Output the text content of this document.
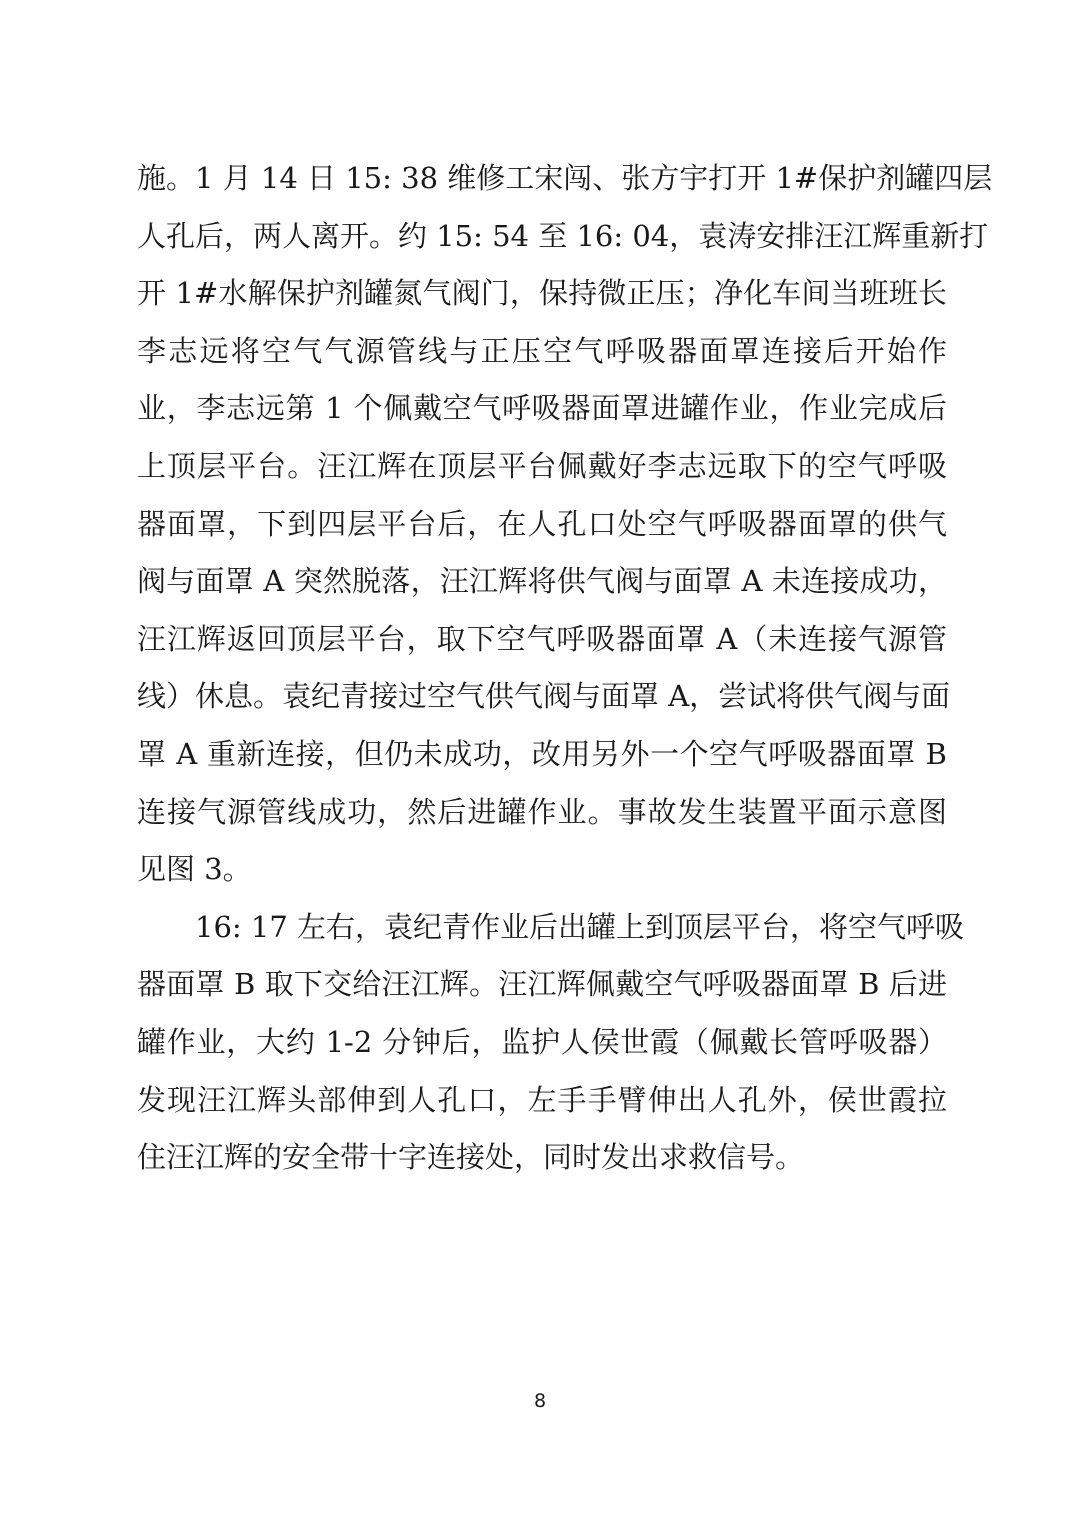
施。1 月 14 日 15: 38 维修工宋闯、张方宇打开 1#保护剂罐四层
人孔后，两人离开。约 15: 54 至 16: 04，袁涛安排汪江辉重新打
开 1#水解保护剂罐氮气阀门，保持微正压；净化车间当班班长
李志远将空气气源管线与正压空气呼吸器面罩连接后开始作
业，李志远第 1 个佩戴空气呼吸器面罩进罐作业，作业完成后
上顶层平台。汪江辉在顶层平台佩戴好李志远取下的空气呼吸
器面罩，下到四层平台后，在人孔口处空气呼吸器面罩的供气
阀与面罩 A 突然脱落，汪江辉将供气阀与面罩 A 未连接成功，
汪江辉返回顶层平台，取下空气呼吸器面罩 A（未连接气源管
线）休息。袁纪青接过空气供气阀与面罩 A，尝试将供气阀与面
罩 A 重新连接，但仍未成功，改用另外一个空气呼吸器面罩 B
连接气源管线成功，然后进罐作业。事故发生装置平面示意图
见图 3。
16: 17 左右，袁纪青作业后出罐上到顶层平台，将空气呼吸
器面罩 B 取下交给汪江辉。汪江辉佩戴空气呼吸器面罩 B 后进
罐作业，大约 1-2 分钟后，监护人侯世霞（佩戴长管呼吸器）
发现汪江辉头部伸到人孔口，左手手臂伸出人孔外，侯世霞拉
住汪江辉的安全带十字连接处，同时发出求救信号。
8
